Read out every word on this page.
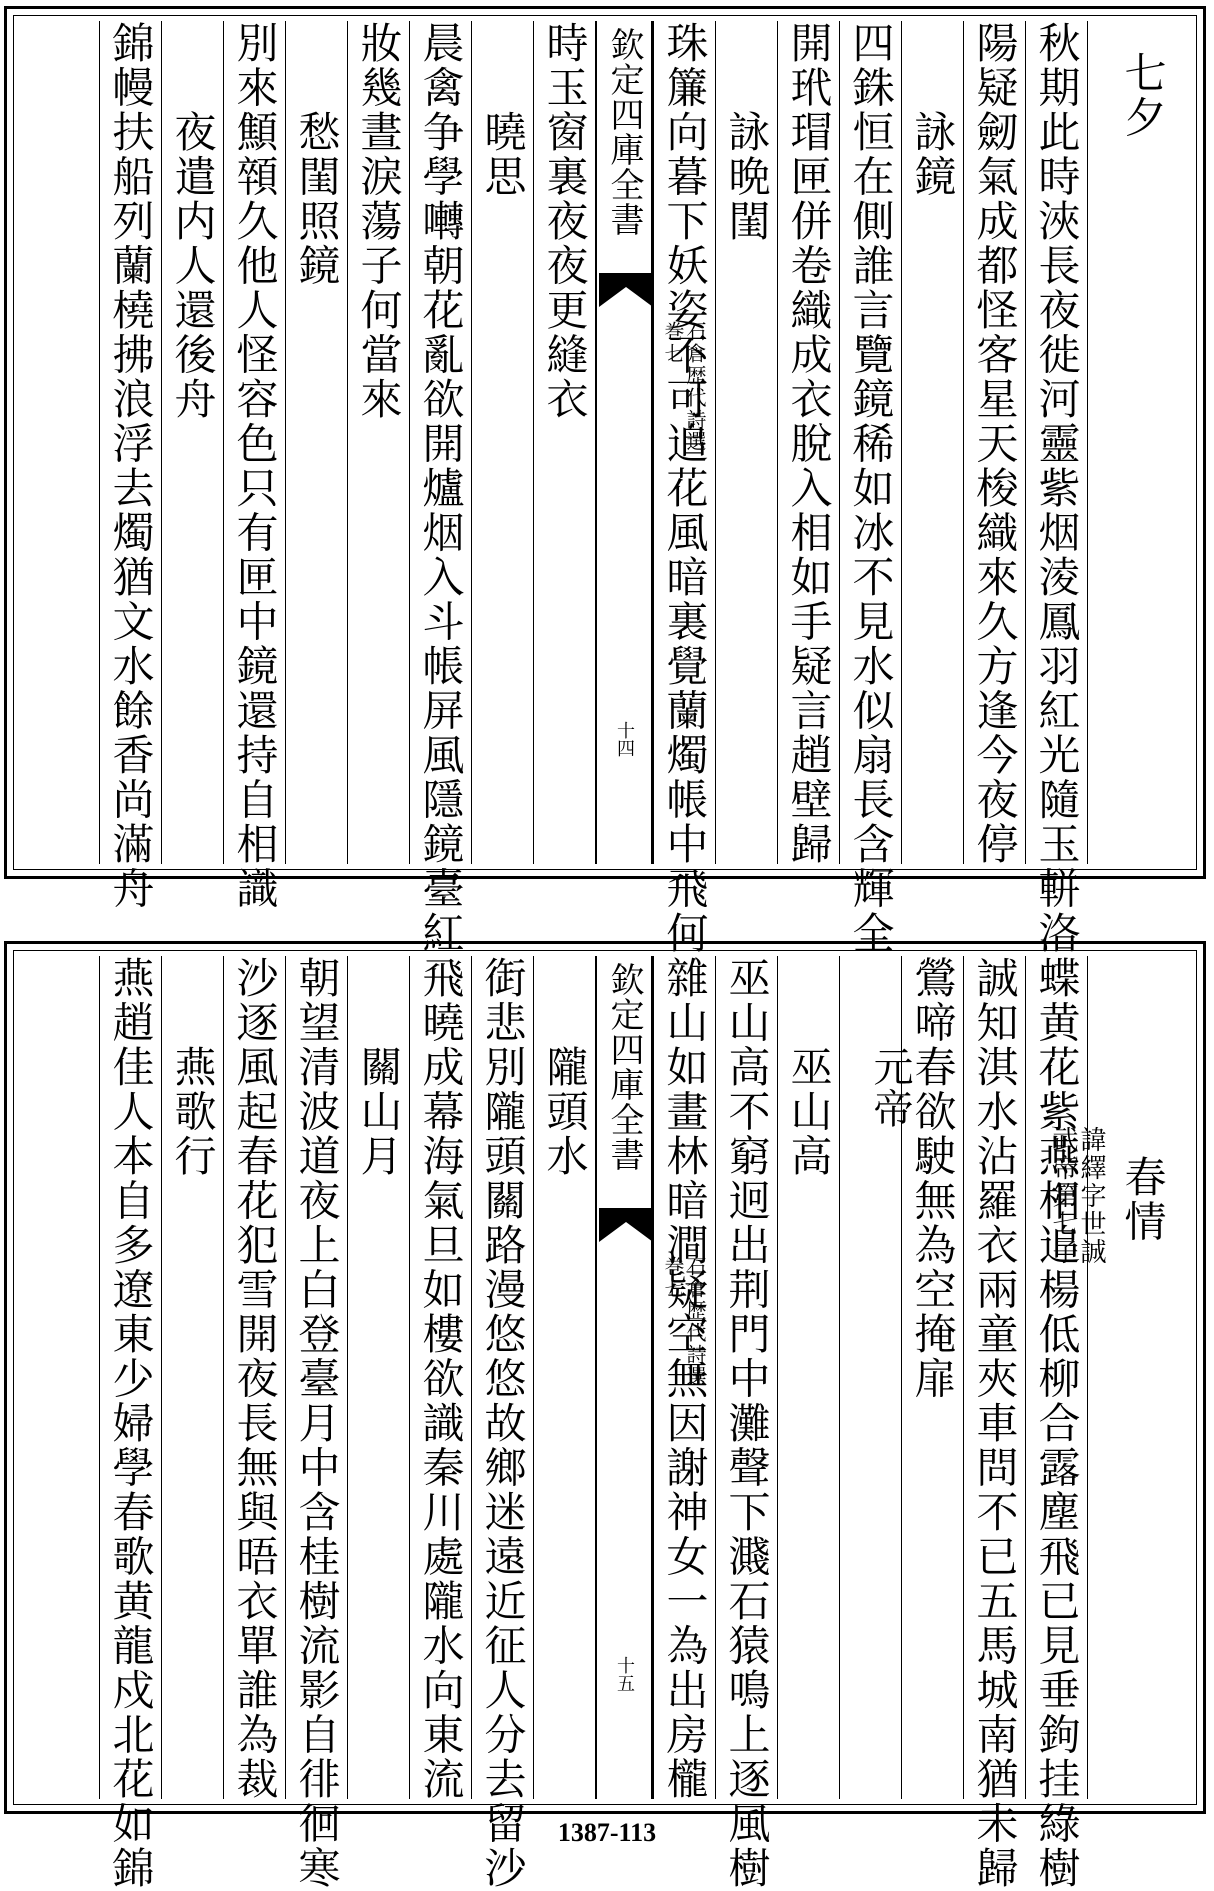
七夕
秋期此時浹長夜徙河靈紫烟淩鳳羽紅光隨玉軿洛
陽疑劒氣成都怪客星天梭織來久方逢今夜停
　　詠鏡
四銖恒在側誰言覽鏡稀如冰不見水似扇長含輝全
開玳瑁匣併卷織成衣脫入相如手疑言趙壁歸
　　詠晩閨
珠簾向暮下妖姿不可追花風暗裏覺蘭燭帳中飛何
欽定四庫全書
石倉歴代詩選
巻七
十四
時玉窗裏夜夜更縫衣
　　曉思
晨禽争學囀朝花亂欲開爐烟入斗帳屏風隱鏡臺紅
妝幾晝淚蕩子何當來
　　愁閨照鏡
別來顦顇久他人怪容色只有匣中鏡還持自相識
　　夜遣内人還後舟
錦幔扶船列蘭橈拂浪浮去燭猶文水餘香尚滿舟
　　春情
蝶黄花紫燕相追楊低柳合露塵飛已見垂鉤挂綠樹
誠知淇水沾羅衣兩童夾車問不已五馬城南猶未歸
鶯啼春欲駛無為空掩扉
元帝
諱繹字世誠
武帝第七子
　　巫山高
巫山高不窮迥出荆門中灘聲下濺石猿鳴上逐風樹
雜山如畫林暗澗疑空無因謝神女一為出房櫳
欽定四庫全書
石倉歴代詩選
巻七
十五
　　隴頭水
衘悲別隴頭關路漫悠悠故鄉迷遠近征人分去留沙
飛曉成幕海氣旦如樓欲識秦川處隴水向東流
　　關山月
朝望清波道夜上白登臺月中含桂樹流影自徘徊寒
沙逐風起春花犯雪開夜長無與晤衣單誰為裁
　　燕歌行
燕趙佳人本自多遼東少婦學春歌黄龍戍北花如錦	1387-113
